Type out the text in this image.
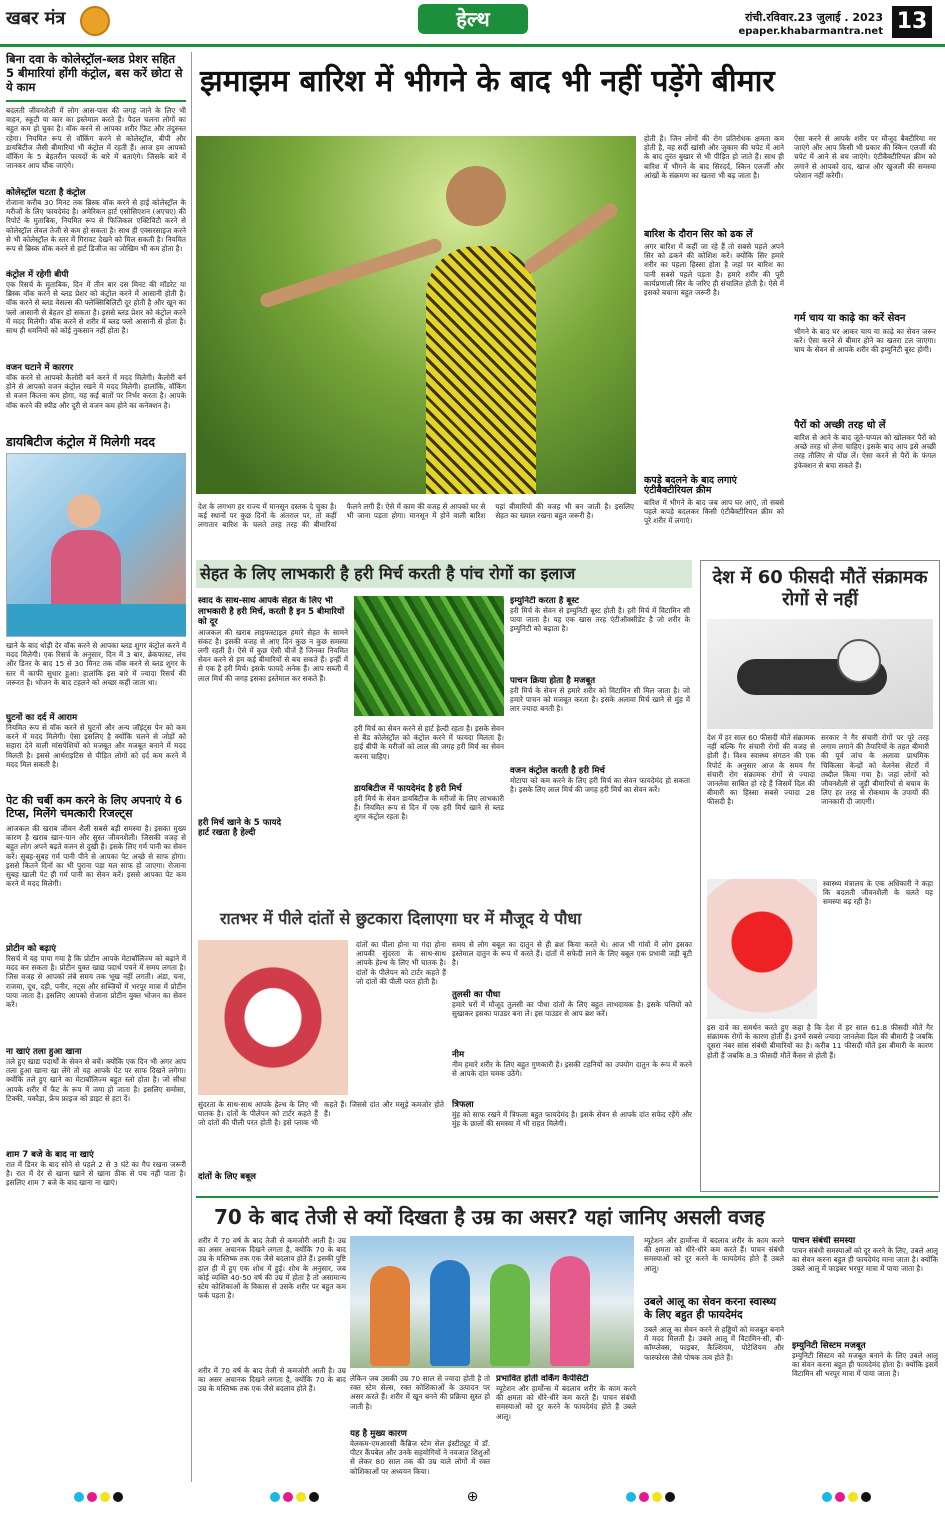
खबर मंत्र	हेल्थ	रांची.रविवार.23 जुलाई . 2023
epaper.khabarmantra.net 13
बिना दवा के कोलेस्ट्रॉल-ब्लड प्रेशर सहित 5 बीमारियां होंगी कंट्रोल, बस करें छोटा से ये काम
बदलती जीवनशैली में लोग आस-पास की जगह जाने के लिए भी वाहन, स्कूटी या कार का इस्तेमाल करते हैं। पैदल चलना लोगों का बहुत कम हो चुका है। वॉक करने से आपका शरीर फिट और तंदुरुस्त रहेगा। नियमित रूप से वॉकिंग करने से कोलेस्ट्रॉल, बीपी और डायबिटीज जैसी बीमारियां भी कंट्रोल में रहती हैं। आज हम आपको वॉकिंग के 5 बेहतरीन फायदों के बारे में बताएंगे। जिसके बारे में जानकर आप चौंक जाएंगे।
कोलेस्ट्रॉल घटता है कंट्रोल
रोजाना करीब 30 मिनट तक ब्रिस्क वॉक करने से हाई कोलेस्ट्रॉल के मरीजों के लिए फायदेमंद है। अमेरिकन हार्ट एसोसिएशन (अएचए) की रिपोर्ट के मुताबिक, नियमित रूप से फिजिकल एक्टिविटी करने से कोलेस्ट्रॉल लेवल तेजी से कम हो सकता है। साथ ही एक्सरसाइज करने से भी कोलेस्ट्रॉल के स्तर में गिरावट देखने को मिल सकती है। नियमित रूप से ब्रिस्क वॉक करने से हार्ट डिजीज का जोखिम भी कम होता है।
कंट्रोल में रहेगी बीपी
एक रिसर्च के मुताबिक, दिन में तीन बार दस मिनट की मॉडरेट या ब्रिस्क वॉक करने से ब्लड प्रेशर को कंट्रोल करने में आसानी होती है। वॉक करने से ब्लड वेसल्स की फ्लेक्सिबिलिटी दूर होती है और खून का फ्लो आसानी से बेहतर हो सकता है। इससे ब्लड प्रेशर को कंट्रोल करने में मदद मिलेगी। वॉक करने से शरीर में ब्लड फ्लो आसानी से होता है। साथ ही धमनियों को कोई नुकसान नहीं होता है।
वजन घटाने में कारगर
वॉक करने से आपको कैलोरी बर्न करने में मदद मिलेगी। कैलोरी बर्न होने से आपको वजन कंट्रोल रखने में मदद मिलेगी। हालांकि, वॉकिंग से वजन कितना कम होगा, यह कई बातों पर निर्भर करता है। आपके वॉक करने की स्पीड और दूरी से वजन कम होने का कनेक्शन है।
डायबिटीज कंट्रोल में मिलेगी मदद
खाने के बाद थोड़ी देर वॉक करने से आपका ब्लड शुगर कंट्रोल करने में मदद मिलेगी। एक रिसर्च के अनुसार, दिन में 3 बार, ब्रेकफास्ट, लंच और डिनर के बाद 15 से 30 मिनट तक वॉक करने से ब्लड शुगर के स्तर में काफी सुधार हुआ। हालांकि इस बारे में ज्यादा रिसर्च की जरूरत है। भोजन के बाद टहलने को अच्छा कहीं जाता था।
घुटनों का दर्द में आराम
नियमित रूप से वॉक करने से घुटनों और अन्य जॉइंट्स पेन को कम करने में मदद मिलेगी। ऐसा इसलिए है क्योंकि चलने से जोड़ों को सहारा देने वाली मांसपेशियों को मजबूत और मजबूत बनाने में मदद मिलती है। इससे आर्थराइटिस से पीड़ित लोगों को दर्द कम करने में मदद मिल सकती है।
पेट की चर्बी कम करने के लिए अपनाएं ये 6 टिप्स, मिलेंगे चमत्कारी रिजल्ट्स
आजकल की खराब जीवन शैली सबसे बड़ी समस्या है। इसका मुख्य कारण है खराब खान-पान और सुस्त जीवनशैली। जिसकी वजह से बहुत लोग अपने बढ़ते वजन से दुखी हैं। इसके लिए गर्म पानी का सेवन करें। सुबह-सुबह गर्म पानी पीने से आपका पेट अच्छे से साफ होगा। इससे कितने दिनों का भी पुराना पड़ा मल साफ हो जाएगा। रोजाना सुबह खाली पेट ही गर्म पानी का सेवन करें। इससे आपका पेट कम करने में मदद मिलेगी।
प्रोटीन को बढ़ाएं
रिसर्च में यह पाया गया है कि प्रोटीन आपके मेटाबॉलिज्म को बढ़ाने में मदद कर सकता है। प्रोटीन युक्त खाद्य पदार्थ पचने में समय लगता है। जिस वजह से आपको लंबे समय तक भूख नहीं लगती। अंडा, चना, राजमा, दूध, दही, पनीर, नट्स और सब्जियों में भरपूर मात्रा में प्रोटीन पाया जाता है। इसलिए आपको रोजाना प्रोटीन युक्त भोजन का सेवन करें।
ना खाएं तला हुआ खाना
तले हुए खाद्य पदार्थों के सेवन से बचें। क्योंकि एक दिन भी अगर आप तला हुआ खाना खा लेंगे तो यह आपके पेट पर साफ दिखने लगेगा। क्योंकि तले हुए खाने का मेटाबॉलिज्म बहुत स्लो होता है। जो सीधा आपके शरीर में फैट के रूप में जमा हो जाता है। इसलिए समोसा, टिक्की, पकौड़ा, फ्रेंच फ्राइज को डाइट से हटा दें।
शाम 7 बजे के बाद ना खाएं
रात में डिनर के बाद सोने से पहले 2 से 3 घंटे का गैप रखना जरूरी है। रात में देर से खाना खाने से खाना ठीक से पच नहीं पाता है। इसलिए शाम 7 बजे के बाद खाना ना खाएं।
झमाझम बारिश में भीगने के बाद भी नहीं पड़ेंगे बीमार
देश के लगभग हर राज्य में मानसून दस्तक दे चुका है। कई स्थानों पर कुछ दिनों के अंतराल पर, तो कहीं लगातार बारिश के चलते तरह तरह की बीमारियां फैलने लगी हैं। ऐसे में काम की वजह से आपको घर से भी जाना पड़ता होगा। मानसून में होने वाली बारिश यहां बीमारियों की वजह भी बन जाती है। इसलिए सेहत का ख्याल रखना बहुत जरूरी है।
होती है। जिन लोगों की रोग प्रतिरोधक क्षमता कम होती है, वह सर्दी खांसी और जुकाम की चपेट में आने के बाद तुरंत बुखार से भी पीड़ित हो जाते हैं। साथ ही बारिश में भीगने के बाद सिरदर्द, स्किन एलर्जी और आंखों के संक्रमण का खतरा भी बढ़ जाता है।
बारिश के दौरान सिर को ढक लें
अगर बारिश में कहीं जा रहे हैं तो सबसे पहले अपने सिर को ढकने की कोशिश करें। क्योंकि सिर हमारे शरीर का पहला हिस्सा होता है जहां पर बारिश का पानी सबसे पहले पड़ता है। हमारे शरीर की पूरी कार्यप्रणाली सिर के जरिए ही संचालित होती है। ऐसे में इसको बचाना बहुत जरूरी है।
कपड़े बदलने के बाद लगाएं एंटीबैक्टीरियल क्रीम
बारिश में भीगने के बाद जब आप घर आएं, तो सबसे पहले कपड़े बदलकर किसी एंटीबैक्टीरियल क्रीम को पूरे शरीर में लगाएं।
ऐसा करने से आपके शरीर पर मौजूद बैक्टीरिया मर जाएंगे और आप किसी भी प्रकार की स्किन एलर्जी की चपेट में आने से बच जाएंगे। एंटीबैक्टीरियल क्रीम को लगाने से आपको दाद, खाज और खुजली की समस्या परेशान नहीं करेगी।
गर्म चाय या काढ़े का करें सेवन
भीगने के बाद घर आकर चाय या काढ़े का सेवन जरूर करें। ऐसा करने से बीमार होने का खतरा टल जाएगा। चाय के सेवन से आपके शरीर की इम्युनिटी बूस्ट होगी।
पैरों को अच्छी तरह धो लें
बारिश से आने के बाद जूते-चप्पल को खोलकर पैरों को अच्छे तरह धो लेना चाहिए। इसके बाद आप इसे अच्छी तरह तौलिए से पोंछ लें। ऐसा करने से पैरों के फंगल इंफेक्शन से बचा सकते हैं।
सेहत के लिए लाभकारी है हरी मिर्च करती है पांच रोगों का इलाज
स्वाद के साथ-साथ आपके सेहत के लिए भी लाभकारी है हरी मिर्च, करती है इन 5 बीमारियों को दूर
आजकल की खराब लाइफस्टाइल हमारे सेहत के सामने संकट है। इसकी वजह से आए दिन कुछ न कुछ समस्या लगी रहती है। ऐसे में कुछ ऐसी चीजें हैं जिनका नियमित सेवन करने से हम कई बीमारियों से बच सकते हैं। इन्हीं में से एक है हरी मिर्च। इसके फायदे अनेक हैं। आप सब्जी में लाल मिर्च की जगह इसका इस्तेमाल कर सकते हैं।
हरी मिर्च खाने के 5 फायदे
हार्ट रखता है हेल्दी
हरी मिर्च का सेवन करने से हार्ट हेल्दी रहता है। इसके सेवन से बैड कोलेस्ट्रॉल को कंट्रोल करने में फायदा मिलता है। हाई बीपी के मरीजों को लाल की जगह हरी मिर्च का सेवन करना चाहिए।
डायबिटीज में फायदेमंद है हरी मिर्च
हरी मिर्च के सेवन डायबिटीज के मरीजों के लिए लाभकारी हैं। नियमित रूप से दिन में एक हरी मिर्च खाने से ब्लड शुगर कंट्रोल रहता है।
इम्युनिटी करता है बूस्ट
हरी मिर्च के सेवन से इम्युनिटी बूस्ट होती है। हरी मिर्च में विटामिन सी पाया जाता है। यह एक खास तरह एंटीऑक्सीडेंट है जो शरीर के इम्युनिटी को बढ़ाता है।
पाचन क्रिया होता है मजबूत
हरी मिर्च के सेवन से हमारे शरीर को विटामिन सी मिल जाता है। जो हमारे पाचन को मजबूत करता है। इसके अलावा मिर्च खाने से मुंह में लार ज्यादा बनती है।
वजन कंट्रोल करती है हरी मिर्च
मोटापा को कम करने के लिए हरी मिर्च का सेवन फायदेमंद हो सकता है। इसके लिए लाल मिर्च की जगह हरी मिर्च का सेवन करें।
देश में 60 फीसदी मौतें संक्रामक रोगों से नहीं
देश में हर साल 60 फीसदी मौतें संक्रामक नहीं बल्कि गैर संचारी रोगों की वजह से होती हैं। विश्व स्वास्थ्य संगठन की एक रिपोर्ट के अनुसार आज के समय गैर संचारी रोग संक्रामक रोगों से ज्यादा जानलेवा साबित हो रहे हैं जिसमें दिल की बीमारी का हिस्सा सबसे ज्यादा 28 फीसदी है।
सरकार ने गैर संचारी रोगों पर पूरे तरह लगाम लगाने की तैयारियों के तहत बीमारी की पूर्व जांच के अलावा प्राथमिक चिकित्सा केन्द्रों को वेलनेस सेंटरों में तब्दील किया गया है। जहां लोगों को जीवनशैली से जुड़ी बीमारियों से बचाव के लिए हर तरह से रोकथाम के उपायों की जानकारी दी जाएगी।
स्वास्थ्य मंत्रालय के एक अधिकारी ने कहा कि बदलती जीवनशैली के चलते यह समस्या बढ़ रही है।
इस दावे का समर्थन करते हुए कहा है कि देश में हर साल 61.8 फीसदी मौतें गैर संक्रामक रोगों के कारण होती हैं। इनमें सबसे ज्यादा जानलेवा दिल की बीमारी है जबकि दूसरा नंबर सांस संबंधी बीमारियों का है। करीब 11 फीसदी मौतें इस बीमारी के कारण होती हैं जबकि 8.3 फीसदी मौतें कैंसर से होती हैं।
रातभर में पीले दांतों से छुटकारा दिलाएगा घर में मौजूद ये पौधा
दांतों का पीला होना या गंदा होना आपकी सुंदरता के साथ-साथ आपके हेल्थ के लिए भी घातक है। दांतों के पीलेपन को टार्टर कहते हैं जो दांतों की पीली परत होती है।
सुंदरता के साथ-साथ आपके हेल्थ के लिए भी घातक है। दांतों के पीलेपन को टार्टर कहते हैं जो दांतों की पीली परत होती है। इसे प्लाक भी कहते हैं। जिससे दांत और मसूड़े कमजोर होते हैं।
दांतों के लिए बबूल
समय से लोग बबूल का दातुन से ही ब्रश किया करते थे। आज भी गांवों में लोग इसका इस्तेमाल दातुन के रूप में करते हैं। दांतों में सफेदी लाने के लिए बबूल एक प्रभावी जड़ी बूटी है।
तुलसी का पौधा
हमारे घरों में मौजूद तुलसी का पौधा दांतों के लिए बहुत लाभदायक है। इसके पत्तियों को सुखाकर इसका पाउडर बना लें। इस पाउडर से आप ब्रश करें।
नीम
नीम हमारे शरीर के लिए बहुत गुणकारी है। इसकी टहनियों का उपयोग दातुन के रूप में करने से आपके दांत चमक उठेंगे।
त्रिफला
मुंह को साफ रखने में त्रिफला बहुत फायदेमंद है। इसके सेवन से आपके दांत सफेद रहेंगे और मुंह के छालों की समस्या में भी राहत मिलेगी।
70 के बाद तेजी से क्यों दिखता है उम्र का असर? यहां जानिए असली वजह
शरीर में 70 वर्ष के बाद तेजी से कमजोरी आती है। उम्र का असर अचानक दिखने लगता है, क्योंकि 70 के बाद उम्र के मस्तिष्क तक एक जैसे बदलाव होते हैं। इसकी पुष्टि हाल ही में हुए एक शोध में हुई। शोध के अनुसार, जब कोई व्यक्ति 40-50 वर्ष की उम्र में होता है तो असामान्य स्टेम कोशिकाओं के विकास से उसके शरीर पर बहुत कम फर्क पड़ता है।
शरीर में 70 वर्ष के बाद तेजी से कमजोरी आती है। उम्र का असर अचानक दिखने लगता है, क्योंकि 70 के बाद उम्र के मस्तिष्क तक एक जैसे बदलाव होते हैं।
लेकिन जब उसकी उम्र 70 साल से ज्यादा होती है तो रक्त स्टेम सेल्स, रक्त कोशिकाओं के उत्पादन पर असर करते हैं। शरीर में खून बनने की प्रक्रिया सुस्त हो जाती है।
यह है मुख्य कारण
वेलकम-एमआरसी कैंब्रिज स्टेम सेल इंस्टीट्यूट में डॉ. पीटर कैंपबेल और उनके सहयोगियों ने नवजात शिशुओं से लेकर 80 साल तक की उम्र वाले लोगों में रक्त कोशिकाओं पर अध्ययन किया।
प्रभावित होती वर्किंग कैपेसिटी
म्यूटेशन और हार्मोन्स में बदलाव शरीर के काम करने की क्षमता को धीरे-धीरे कम करते हैं। पाचन संबंधी समस्याओं को दूर करने के फायदेमंद होते हैं उबले आलू।
म्यूटेशन और हार्मोन्स में बदलाव शरीर के काम करने की क्षमता को धीरे-धीरे कम करते हैं। पाचन संबंधी समस्याओं को दूर करने के फायदेमंद होते हैं उबले आलू।
उबले आलू का सेवन करना स्वास्थ्य के लिए बहुत ही फायदेमंद
उबले आलू का सेवन करने से हड्डियों को मजबूत बनाने में मदद मिलती है। उबले आलू में विटामिन-सी, बी-कॉम्प्लेक्स, फाइबर, कैल्शियम, पोटेशियम और फास्फोरस जैसे पोषक तत्व होते हैं।
पाचन संबंधी समस्या
पाचन संबंधी समस्याओं को दूर करने के लिए, उबले आलू का सेवन करना बहुत ही फायदेमंद माना जाता है। क्योंकि उबले आलू में फाइबर भरपूर मात्रा में पाया जाता है।
इम्युनिटी सिस्टम मजबूत
इम्युनिटी सिस्टम को मजबूत बनाने के लिए उबले आलू का सेवन करना बहुत ही फायदेमंद होता है। क्योंकि इसमें विटामिन सी भरपूर मात्रा में पाया जाता है।
⊕
